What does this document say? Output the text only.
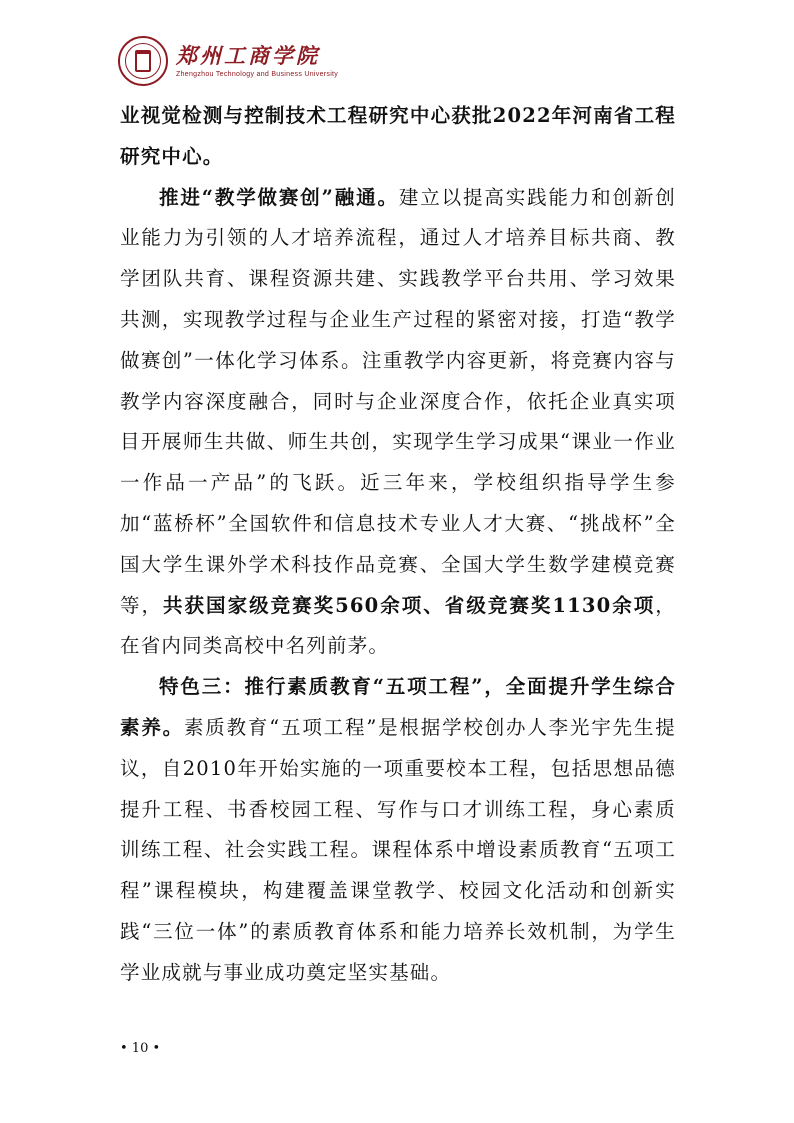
郑州工商学院
Zhengzhou Technology and Business University

业视觉检测与控制技术工程研究中心获批2022年河南省工程研究中心。

推进“教学做赛创”融通。建立以提高实践能力和创新创业能力为引领的人才培养流程，通过人才培养目标共商、教学团队共育、课程资源共建、实践教学平台共用、学习效果共测，实现教学过程与企业生产过程的紧密对接，打造“教学做赛创”一体化学习体系。注重教学内容更新，将竞赛内容与教学内容深度融合，同时与企业深度合作，依托企业真实项目开展师生共做、师生共创，实现学生学习成果“课业一作业一作品一产品”的飞跃。近三年来，学校组织指导学生参加“蓝桥杯”全国软件和信息技术专业人才大赛、“挑战杯”全国大学生课外学术科技作品竞赛、全国大学生数学建模竞赛等，共获国家级竞赛奖560余项、省级竞赛奖1130余项，在省内同类高校中名列前茅。

特色三：推行素质教育“五项工程”，全面提升学生综合素养。素质教育“五项工程”是根据学校创办人李光宇先生提议，自2010年开始实施的一项重要校本工程，包括思想品德提升工程、书香校园工程、写作与口才训练工程，身心素质训练工程、社会实践工程。课程体系中增设素质教育“五项工程”课程模块，构建覆盖课堂教学、校园文化活动和创新实践“三位一体”的素质教育体系和能力培养长效机制，为学生学业成就与事业成功奠定坚实基础。

• 10 •
